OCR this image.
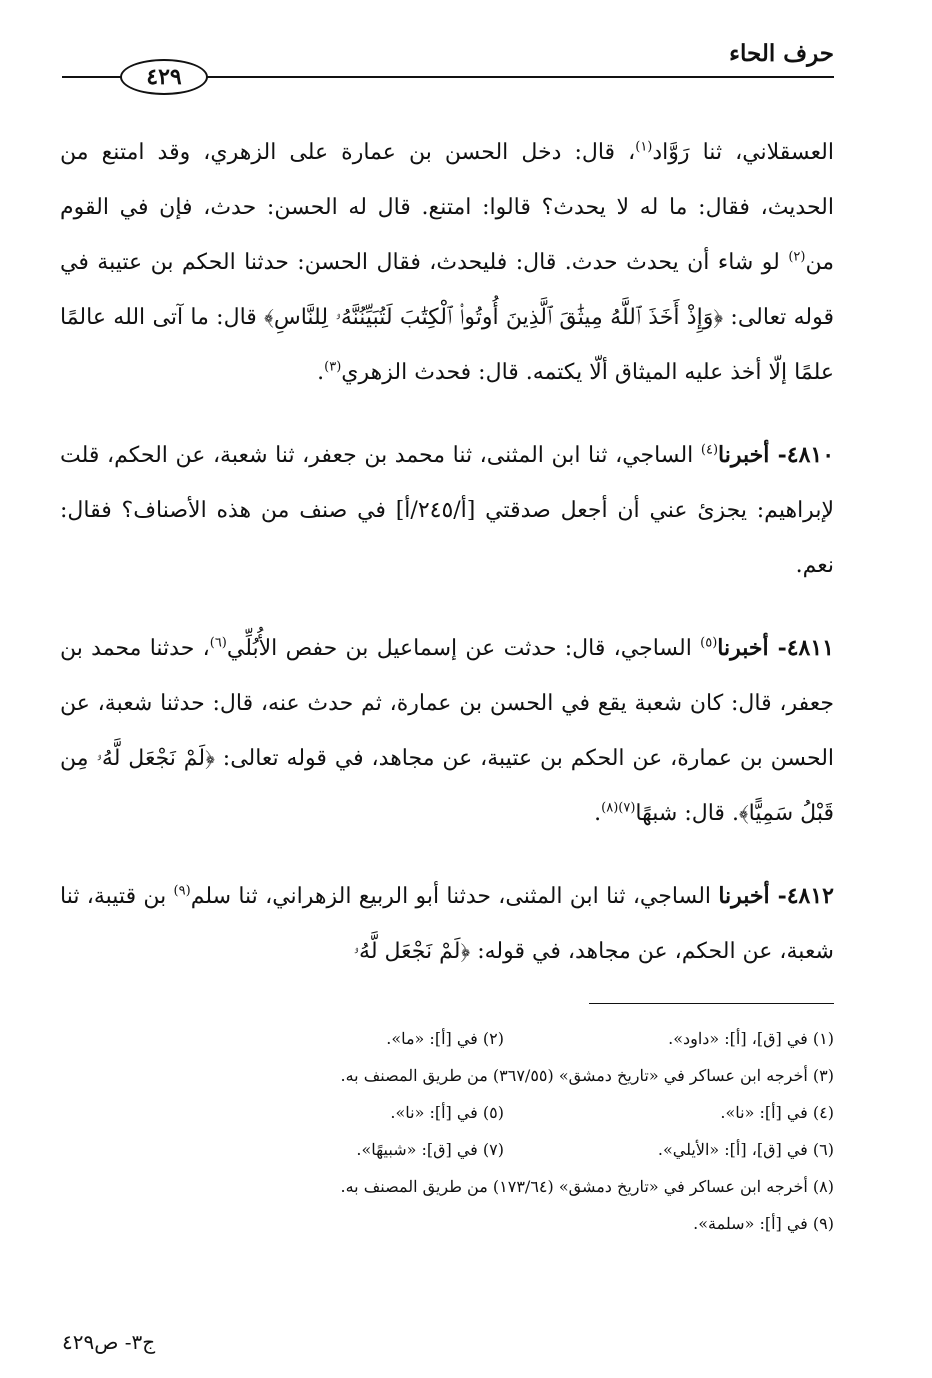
حرف الحاء
٤٢٩

العسقلاني، ثنا رَوَّاد$^{(١)}$، قال: دخل الحسن بن عمارة على الزهري، وقد امتنع من الحديث، فقال: ما له لا يحدث؟ قالوا: امتنع. قال له الحسن: حدث، فإن في القوم من$^{(٢)}$ لو شاء أن يحدث حدث. قال: فليحدث، فقال الحسن: حدثنا الحكم بن عتيبة في قوله تعالى: ﴿وَإِذْ أَخَذَ ٱللَّهُ مِيثَٰقَ ٱلَّذِينَ أُوتُوا۟ ٱلْكِتَٰبَ لَتُبَيِّنُنَّهُۥ لِلنَّاسِ﴾ قال: ما آتى الله عالمًا علمًا إلّا أخذ عليه الميثاق ألّا يكتمه. قال: فحدث الزهري$^{(٣)}$.

٤٨١٠- أخبرنا$^{(٤)}$ الساجي، ثنا ابن المثنى، ثنا محمد بن جعفر، ثنا شعبة، عن الحكم، قلت لإبراهيم: يجزئ عني أن أجعل صدقتي [أ/٢٤٥/أ] في صنف من هذه الأصناف؟ فقال: نعم.

٤٨١١- أخبرنا$^{(٥)}$ الساجي، قال: حدثت عن إسماعيل بن حفص الأُبُلِّي$^{(٦)}$، حدثنا محمد بن جعفر، قال: كان شعبة يقع في الحسن بن عمارة، ثم حدث عنه، قال: حدثنا شعبة، عن الحسن بن عمارة، عن الحكم بن عتيبة، عن مجاهد، في قوله تعالى: ﴿لَمْ نَجْعَل لَّهُۥ مِن قَبْلُ سَمِيًّا﴾. قال: شبهًا$^{(٧)(٨)}$.

٤٨١٢- أخبرنا الساجي، ثنا ابن المثنى، حدثنا أبو الربيع الزهراني، ثنا سلم$^{(٩)}$ بن قتيبة، ثنا شعبة، عن الحكم، عن مجاهد، في قوله: ﴿لَمْ نَجْعَل لَّهُۥ

(١) في [ق]، [أ]: «داود».
(٢) في [أ]: «ما».
(٣) أخرجه ابن عساكر في «تاريخ دمشق» (٣٦٧/٥٥) من طريق المصنف به.
(٤) في [أ]: «نا».
(٥) في [أ]: «نا».
(٦) في [ق]، [أ]: «الأيلي».
(٧) في [ق]: «شبيهًا».
(٨) أخرجه ابن عساكر في «تاريخ دمشق» (١٧٣/٦٤) من طريق المصنف به.
(٩) في [أ]: «سلمة».
ج٣- ص٤٢٩
